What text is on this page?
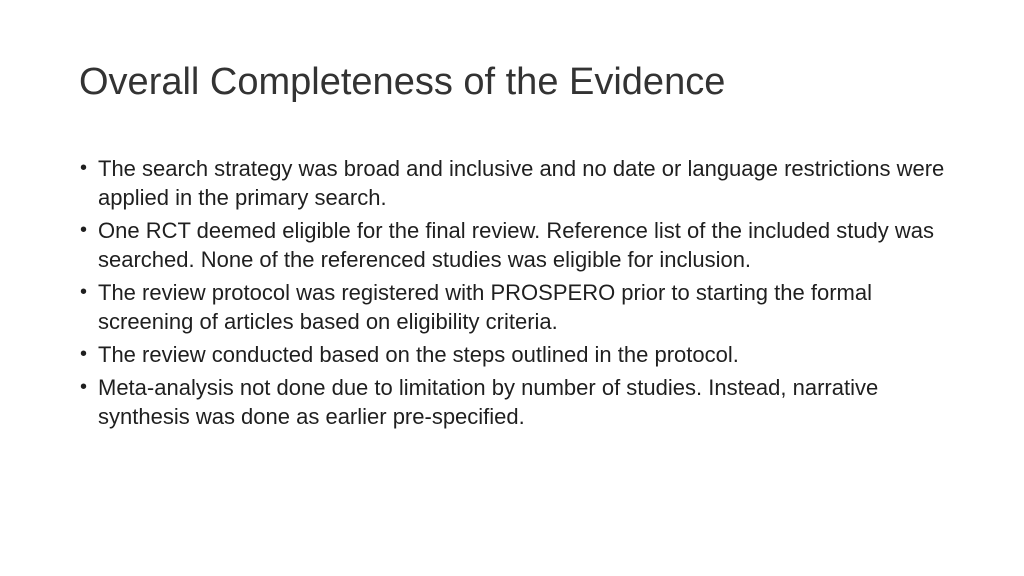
Overall Completeness of the Evidence
• The search strategy was broad and inclusive and no date or language restrictions were applied in the primary search.
• One RCT deemed eligible for the final review. Reference list of the included study was searched. None of the referenced studies was eligible for inclusion.
• The review protocol was registered with PROSPERO prior to starting the formal screening of articles based on eligibility criteria.
• The review conducted based on the steps outlined in the protocol.
• Meta-analysis not done due to limitation by number of studies. Instead, narrative synthesis was done as earlier pre-specified.
